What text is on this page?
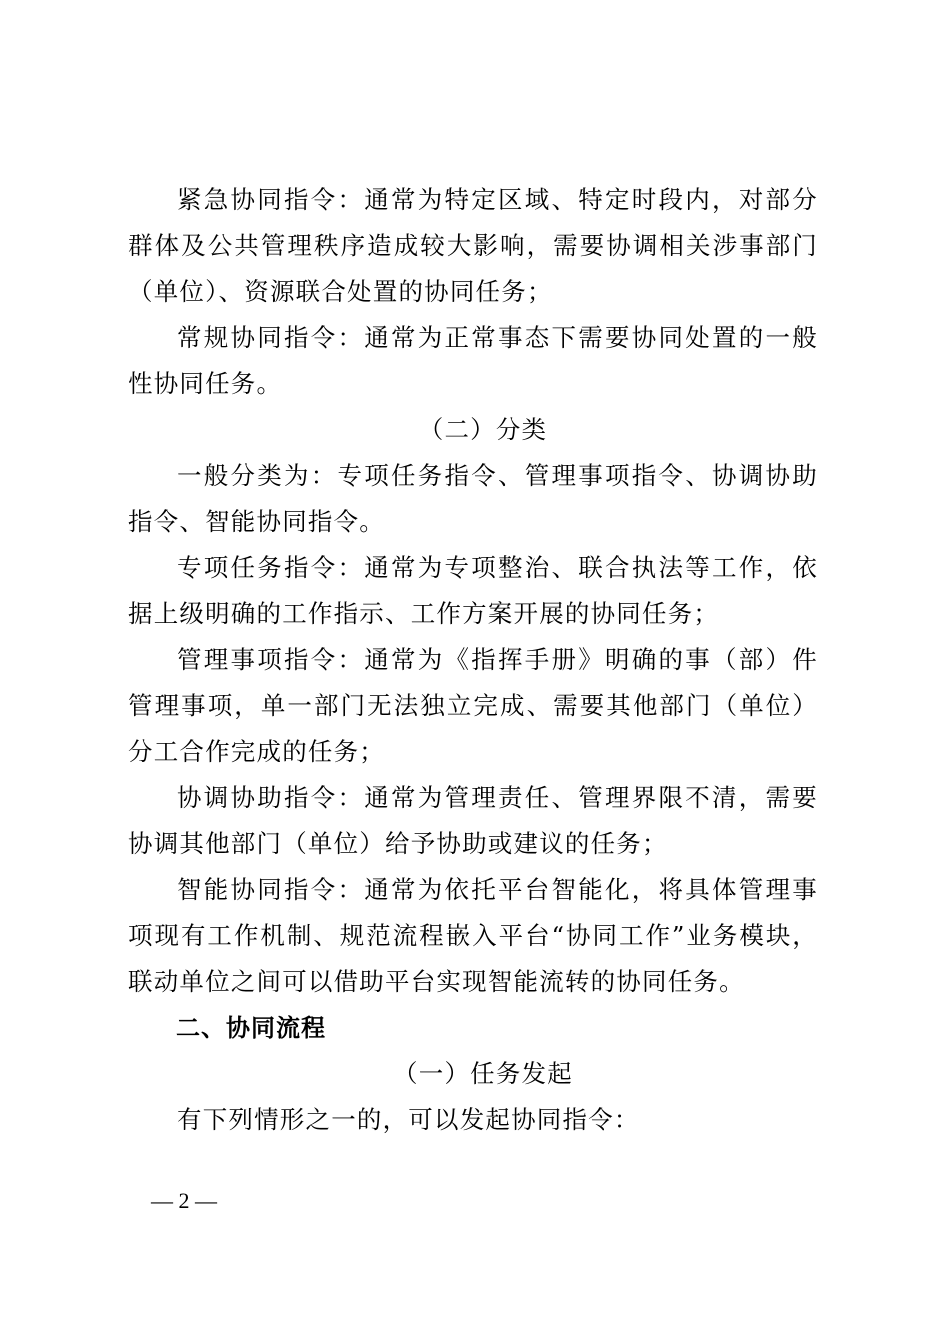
紧急协同指令：通常为特定区域、特定时段内，对部分群体及公共管理秩序造成较大影响，需要协调相关涉事部门（单位）、资源联合处置的协同任务；

常规协同指令：通常为正常事态下需要协同处置的一般性协同任务。

（二）分类

一般分类为：专项任务指令、管理事项指令、协调协助指令、智能协同指令。

专项任务指令：通常为专项整治、联合执法等工作，依据上级明确的工作指示、工作方案开展的协同任务；

管理事项指令：通常为《指挥手册》明确的事（部）件管理事项，单一部门无法独立完成、需要其他部门（单位）分工合作完成的任务；

协调协助指令：通常为管理责任、管理界限不清，需要协调其他部门（单位）给予协助或建议的任务；

智能协同指令：通常为依托平台智能化，将具体管理事项现有工作机制、规范流程嵌入平台“协同工作”业务模块，联动单位之间可以借助平台实现智能流转的协同任务。

二、协同流程

（一）任务发起

有下列情形之一的，可以发起协同指令：

— 2 —
